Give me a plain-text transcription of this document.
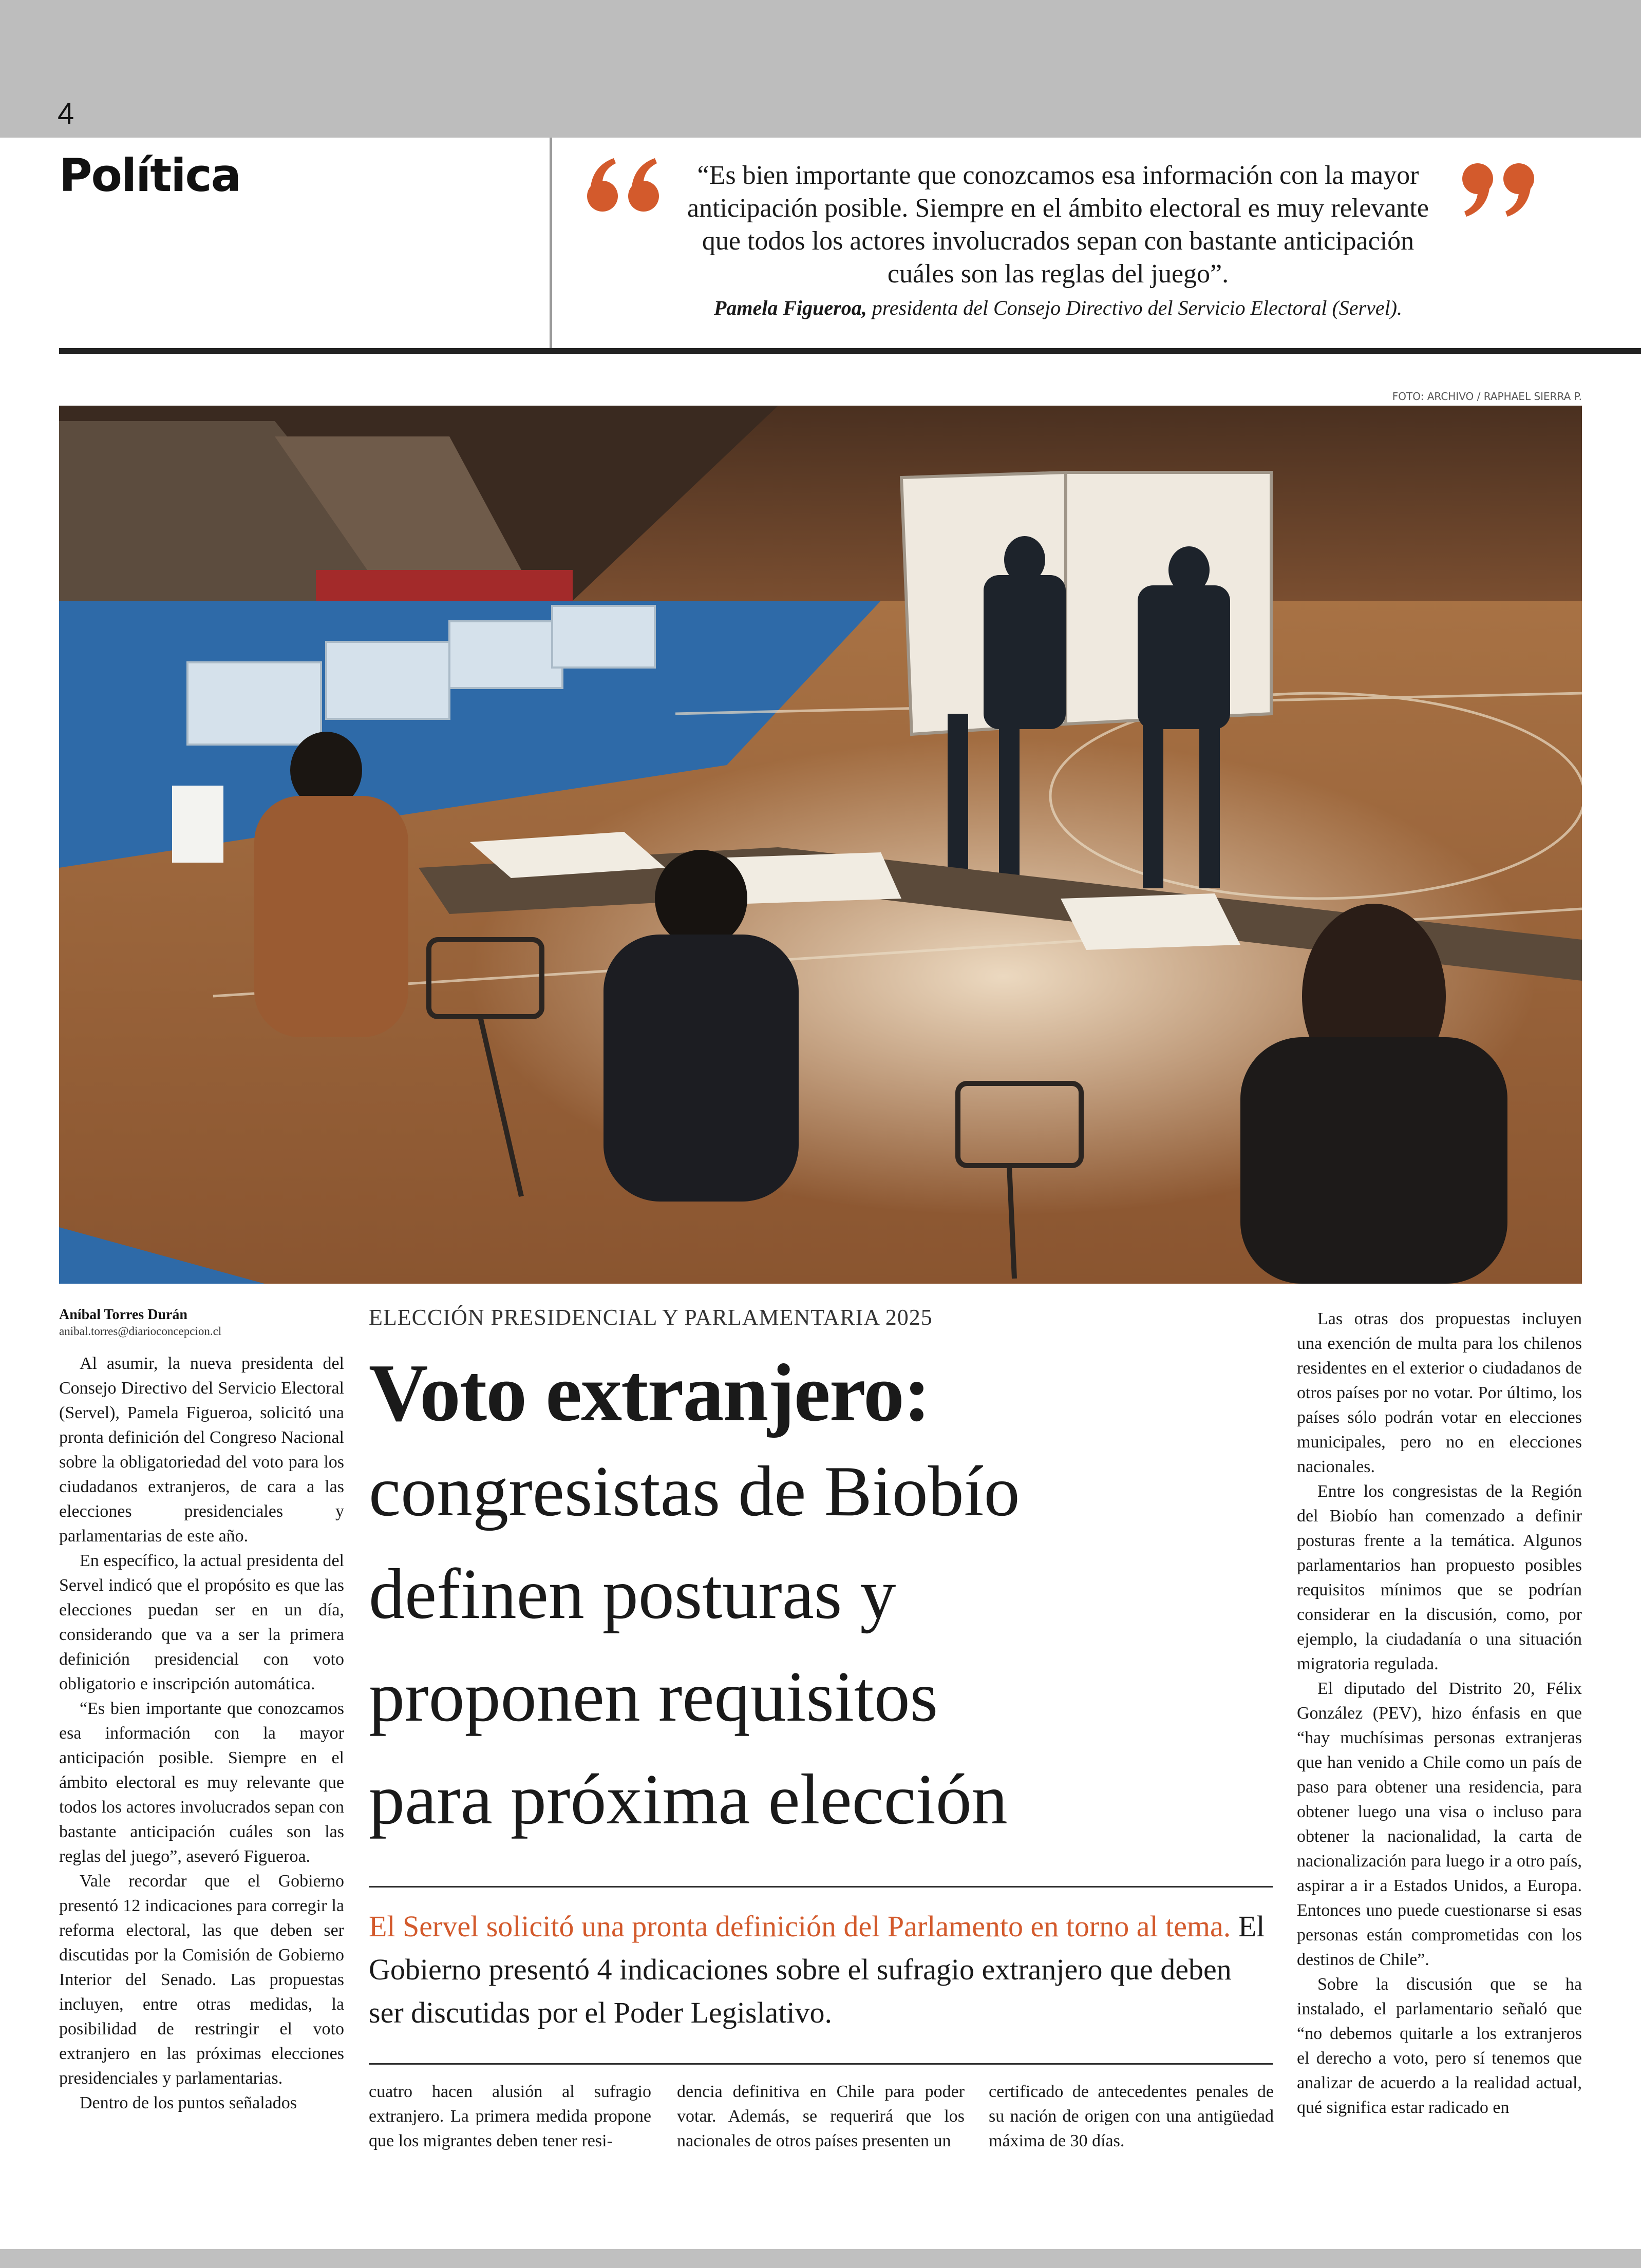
4
Política	“Es bien importante que conozcamos esa información con la mayor anticipación posible. Siempre en el ámbito electoral es muy relevante que todos los actores involucrados sepan con bastante anticipación cuáles son las reglas del juego”.
Pamela Figueroa, presidenta del Consejo Directivo del Servicio Electoral (Servel).
FOTO: ARCHIVO / RAPHAEL SIERRA P.
Aníbal Torres Durán
anibal.torres@diarioconcepcion.cl

Al asumir, la nueva presidenta del Consejo Directivo del Servicio Electoral (Servel), Pamela Figueroa, solicitó una pronta definición del Congreso Nacional sobre la obligatoriedad del voto para los ciudadanos extranjeros, de cara a las elecciones presidenciales y parlamentarias de este año.

En específico, la actual presidenta del Servel indicó que el propósito es que las elecciones puedan ser en un día, considerando que va a ser la primera definición presidencial con voto obligatorio e inscripción automática.

“Es bien importante que conozcamos esa información con la mayor anticipación posible. Siempre en el ámbito electoral es muy relevante que todos los actores involucrados sepan con bastante anticipación cuáles son las reglas del juego”, aseveró Figueroa.

Vale recordar que el Gobierno presentó 12 indicaciones para corregir la reforma electoral, las que deben ser discutidas por la Comisión de Gobierno Interior del Senado. Las propuestas incluyen, entre otras medidas, la posibilidad de restringir el voto extranjero en las próximas elecciones presidenciales y parlamentarias.

Dentro de los puntos señalados

ELECCIÓN PRESIDENCIAL Y PARLAMENTARIA 2025
Voto extranjero:
congresistas de Biobío
definen posturas y
proponen requisitos
para próxima elección
El Servel solicitó una pronta definición del Parlamento en torno al tema. El Gobierno presentó 4 indicaciones sobre el sufragio extranjero que deben ser discutidas por el Poder Legislativo.

cuatro hacen alusión al sufragio extranjero. La primera medida propone que los migrantes deben tener resi-

dencia definitiva en Chile para poder votar. Además, se requerirá que los nacionales de otros países presenten un

certificado de antecedentes penales de su nación de origen con una antigüedad máxima de 30 días.

Las otras dos propuestas incluyen una exención de multa para los chilenos residentes en el exterior o ciudadanos de otros países por no votar. Por último, los países sólo podrán votar en elecciones municipales, pero no en elecciones nacionales.

Entre los congresistas de la Región del Biobío han comenzado a definir posturas frente a la temática. Algunos parlamentarios han propuesto posibles requisitos mínimos que se podrían considerar en la discusión, como, por ejemplo, la ciudadanía o una situación migratoria regulada.

El diputado del Distrito 20, Félix González (PEV), hizo énfasis en que “hay muchísimas personas extranjeras que han venido a Chile como un país de paso para obtener una residencia, para obtener luego una visa o incluso para obtener la nacionalidad, la carta de nacionalización para luego ir a otro país, aspirar a ir a Estados Unidos, a Europa. Entonces uno puede cuestionarse si esas personas están comprometidas con los destinos de Chile”.

Sobre la discusión que se ha instalado, el parlamentario señaló que “no debemos quitarle a los extranjeros el derecho a voto, pero sí tenemos que analizar de acuerdo a la realidad actual, qué significa estar radicado en
